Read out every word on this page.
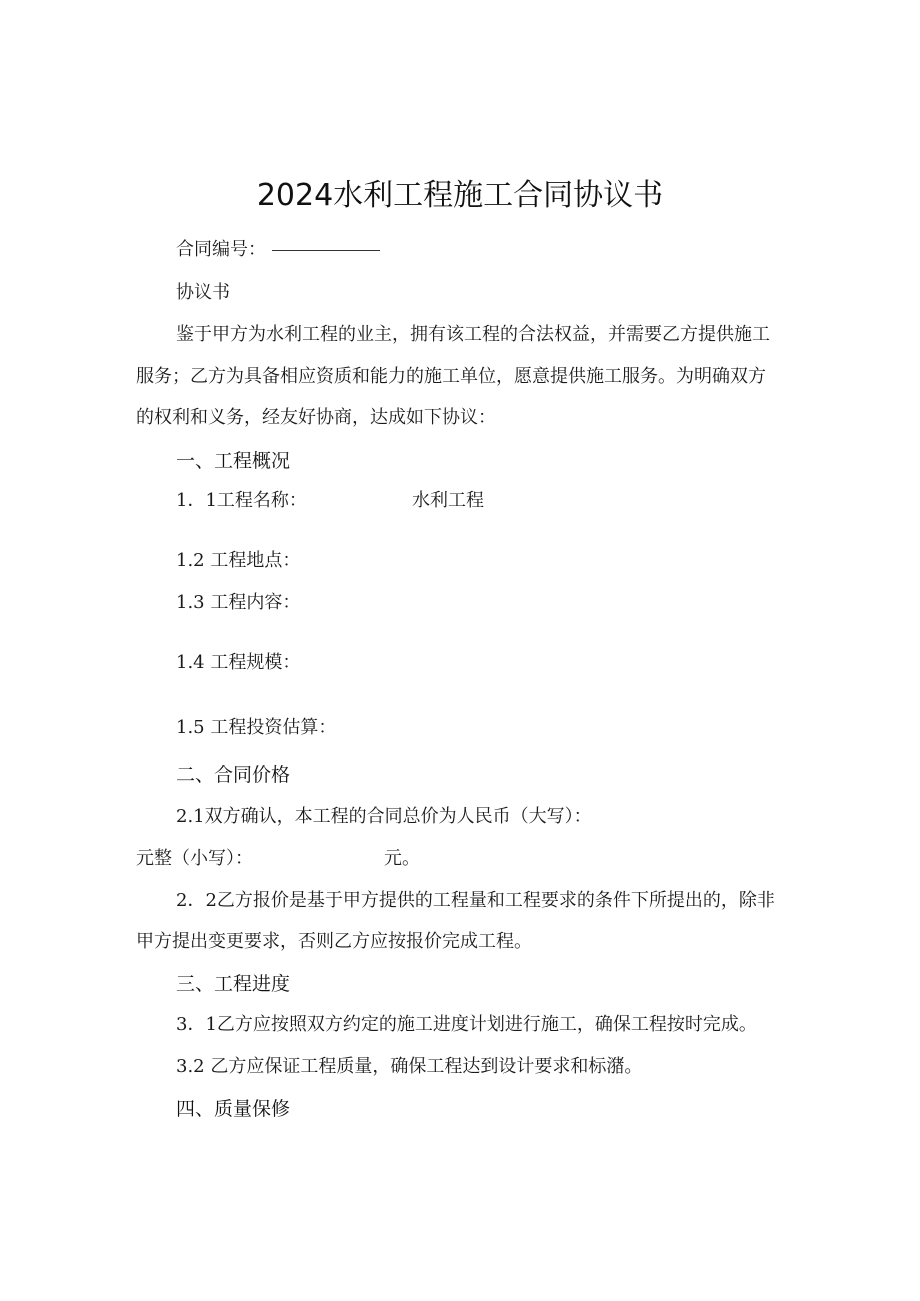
2024水利工程施工合同协议书
合同编号：
协议书
鉴于甲方为水利工程的业主，拥有该工程的合法权益，并需要乙方提供施工
服务；乙方为具备相应资质和能力的施工单位，愿意提供施工服务。为明确双方
的权利和义务，经友好协商，达成如下协议：
一、工程概况
1．1工程名称：	水利工程
1.2 工程地点：
1.3 工程内容：
1.4 工程规模：
1.5 工程投资估算：
二、合同价格
2.1双方确认，本工程的合同总价为人民币（大写）：
元整（小写）：	元。
2．2乙方报价是基于甲方提供的工程量和工程要求的条件下所提出的，除非
甲方提出变更要求，否则乙方应按报价完成工程。
三、工程进度
3．1乙方应按照双方约定的施工进度计划进行施工，确保工程按时完成。
3.2 乙方应保证工程质量，确保工程达到设计要求和标潴。
四、质量保修
